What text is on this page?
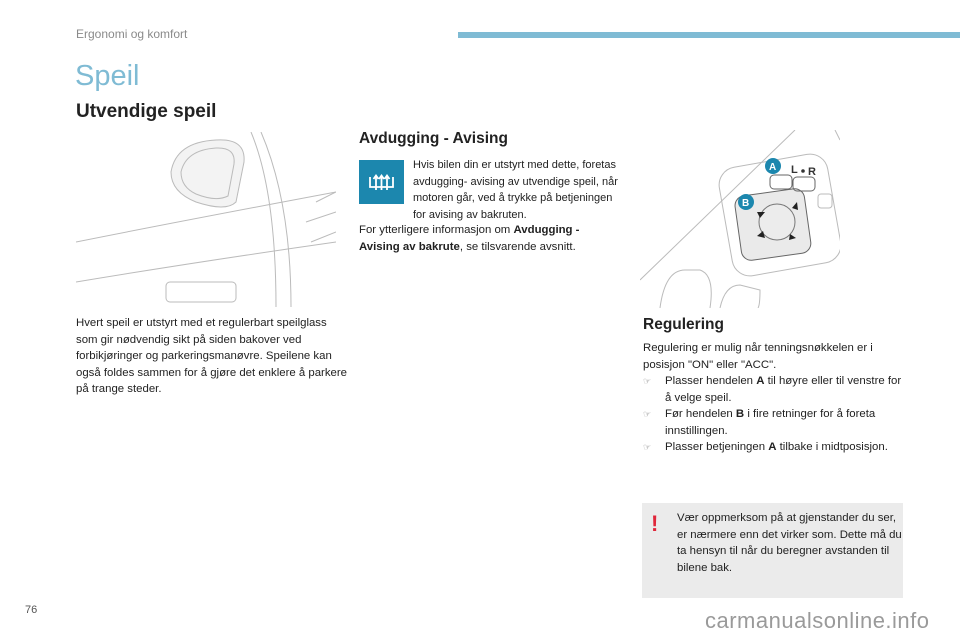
Ergonomi og komfort
Speil
Utvendige speil
Hvert speil er utstyrt med et regulerbart speilglass som gir nødvendig sikt på siden bakover ved forbikjøringer og parkeringsmanøvre. Speilene kan også foldes sammen for å gjøre det enklere å parkere på trange steder.
Avdugging - Avising
Hvis bilen din er utstyrt med dette, foretas avdugging- avising av utvendige speil, når motoren går, ved å trykke på betjeningen for avising av bakruten.
For ytterligere informasjon om Avdugging - Avising av bakrute, se tilsvarende avsnitt.
L R
A
B
Regulering
Regulering er mulig når tenningsnøkkelen er i posisjon "ON" eller "ACC".
☞ Plasser hendelen A til høyre eller til venstre for å velge speil.
☞ Før hendelen B i fire retninger for å foreta innstillingen.
☞ Plasser betjeningen A tilbake i midtposisjon.
! Vær oppmerksom på at gjenstander du ser, er nærmere enn det virker som. Dette må du ta hensyn til når du beregner avstanden til bilene bak.
76	carmanualsonline.info
